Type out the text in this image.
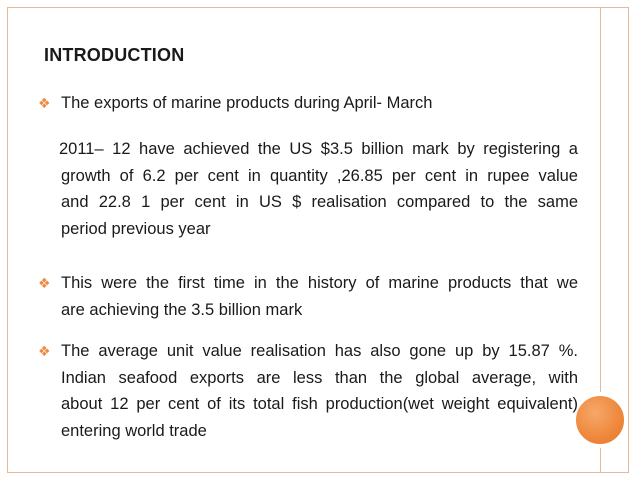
INTRODUCTION
❖ The exports of marine products during April- March
2011– 12 have achieved the US $3.5 billion mark by registering a
growth of 6.2 per cent in quantity ,26.85 per cent in rupee value
and 22.8 1 per cent in US $ realisation compared to the same
period previous year
❖ This were the first time in the history of marine products that we
are achieving the 3.5 billion mark
❖ The average unit value realisation has also gone up by 15.87 %.
Indian seafood exports are less than the global average, with
about 12 per cent of its total fish production(wet weight equivalent)
entering world trade
